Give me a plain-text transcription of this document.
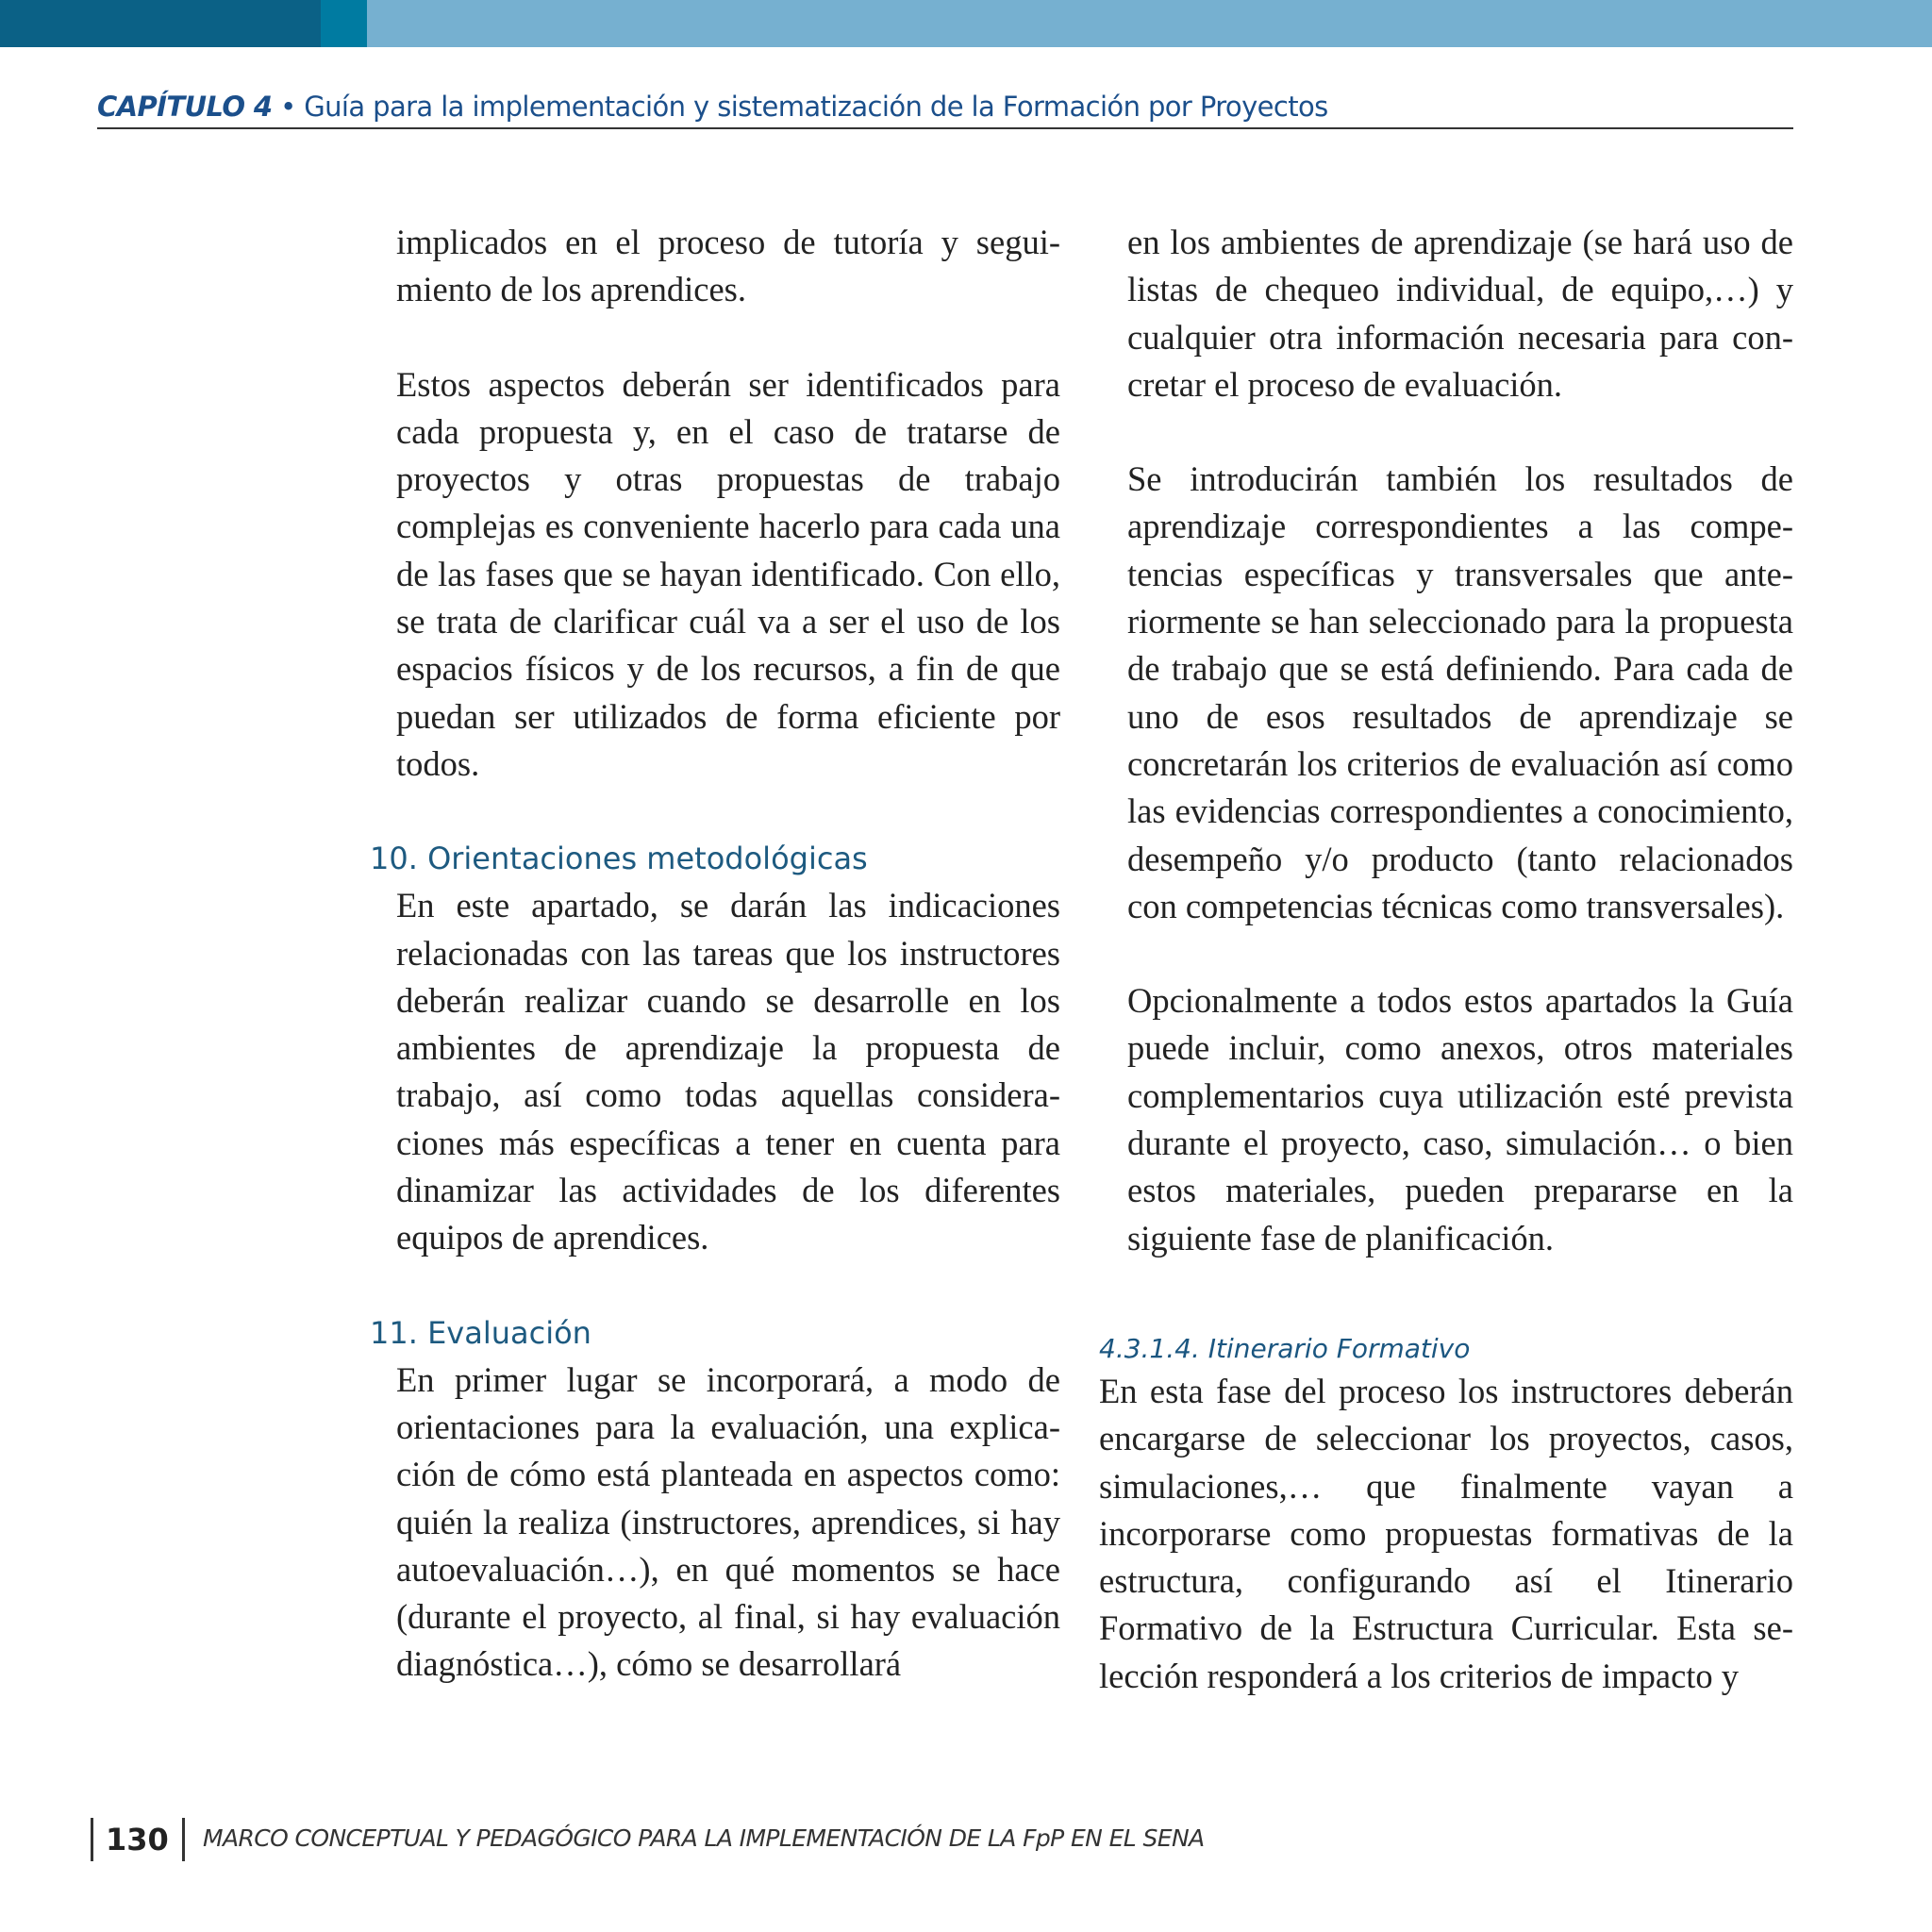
CAPÍTULO 4 • Guía para la implementación y sistematización de la Formación por Proyectos

implicados en el proceso de tutoría y seguimiento de los aprendices.

Estos aspectos deberán ser identificados para cada propuesta y, en el caso de tratarse de proyectos y otras propuestas de trabajo complejas es conveniente hacerlo para cada una de las fases que se hayan identificado. Con ello, se trata de clarificar cuál va a ser el uso de los espacios físicos y de los recursos, a fin de que puedan ser utilizados de forma eficiente por todos.

10. Orientaciones metodológicas

En este apartado, se darán las indicaciones relacionadas con las tareas que los instructores deberán realizar cuando se desarrolle en los ambientes de aprendizaje la propuesta de trabajo, así como todas aquellas consideraciones más específicas a tener en cuenta para dinamizar las actividades de los diferentes equipos de aprendices.

11. Evaluación

En primer lugar se incorporará, a modo de orientaciones para la evaluación, una explicación de cómo está planteada en aspectos como: quién la realiza (instructores, aprendices, si hay autoevaluación…), en qué momentos se hace (durante el proyecto, al final, si hay evaluación diagnóstica…), cómo se desarrollará

en los ambientes de aprendizaje (se hará uso de listas de chequeo individual, de equipo,…) y cualquier otra información necesaria para concretar el proceso de evaluación.

Se introducirán también los resultados de aprendizaje correspondientes a las competencias específicas y transversales que anteriormente se han seleccionado para la propuesta de trabajo que se está definiendo. Para cada de uno de esos resultados de aprendizaje se concretarán los criterios de evaluación así como las evidencias correspondientes a conocimiento, desempeño y/o producto (tanto relacionados con competencias técnicas como transversales).

Opcionalmente a todos estos apartados la Guía puede incluir, como anexos, otros materiales complementarios cuya utilización esté prevista durante el proyecto, caso, simulación… o bien estos materiales, pueden prepararse en la siguiente fase de planificación.

4.3.1.4. Itinerario Formativo

En esta fase del proceso los instructores deberán encargarse de seleccionar los proyectos, casos, simulaciones,… que finalmente vayan a incorporarse como propuestas formativas de la estructura, configurando así el Itinerario Formativo de la Estructura Curricular. Esta selección responderá a los criterios de impacto y

130 MARCO CONCEPTUAL Y PEDAGÓGICO PARA LA IMPLEMENTACIÓN DE LA FpP EN EL SENA
